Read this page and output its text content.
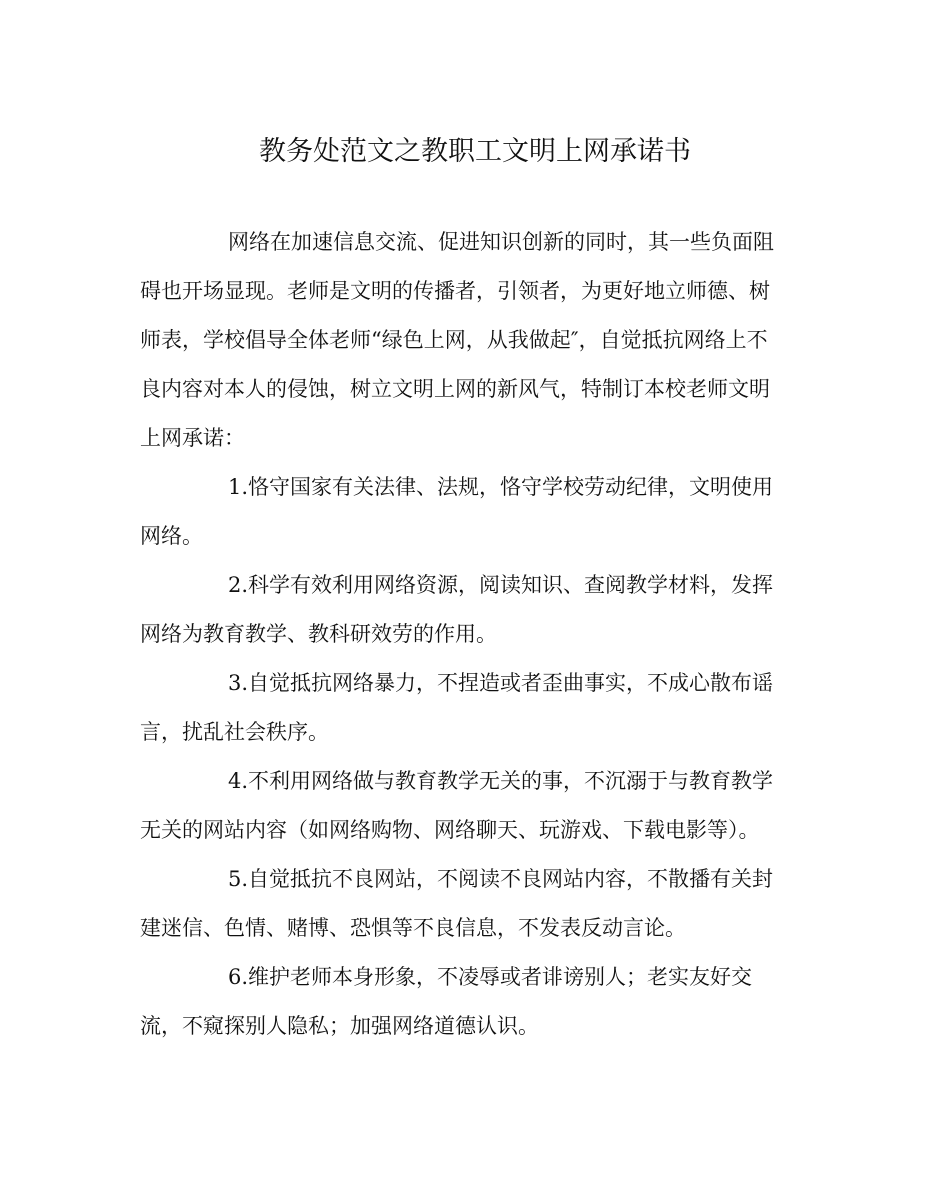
教务处范文之教职工文明上网承诺书
网络在加速信息交流、促进知识创新的同时，其一些负面阻
碍也开场显现。老师是文明的传播者，引领者，为更好地立师德、树
师表，学校倡导全体老师“绿色上网，从我做起″，自觉抵抗网络上不
良内容对本人的侵蚀，树立文明上网的新风气，特制订本校老师文明
上网承诺：
1.恪守国家有关法律、法规，恪守学校劳动纪律，文明使用
网络。
2.科学有效利用网络资源，阅读知识、查阅教学材料，发挥
网络为教育教学、教科研效劳的作用。
3.自觉抵抗网络暴力，不捏造或者歪曲事实，不成心散布谣
言，扰乱社会秩序。
4.不利用网络做与教育教学无关的事，不沉溺于与教育教学
无关的网站内容（如网络购物、网络聊天、玩游戏、下载电影等）。
5.自觉抵抗不良网站，不阅读不良网站内容，不散播有关封
建迷信、色情、赌博、恐惧等不良信息，不发表反动言论。
6.维护老师本身形象，不凌辱或者诽谤别人；老实友好交
流，不窥探别人隐私；加强网络道德认识。
